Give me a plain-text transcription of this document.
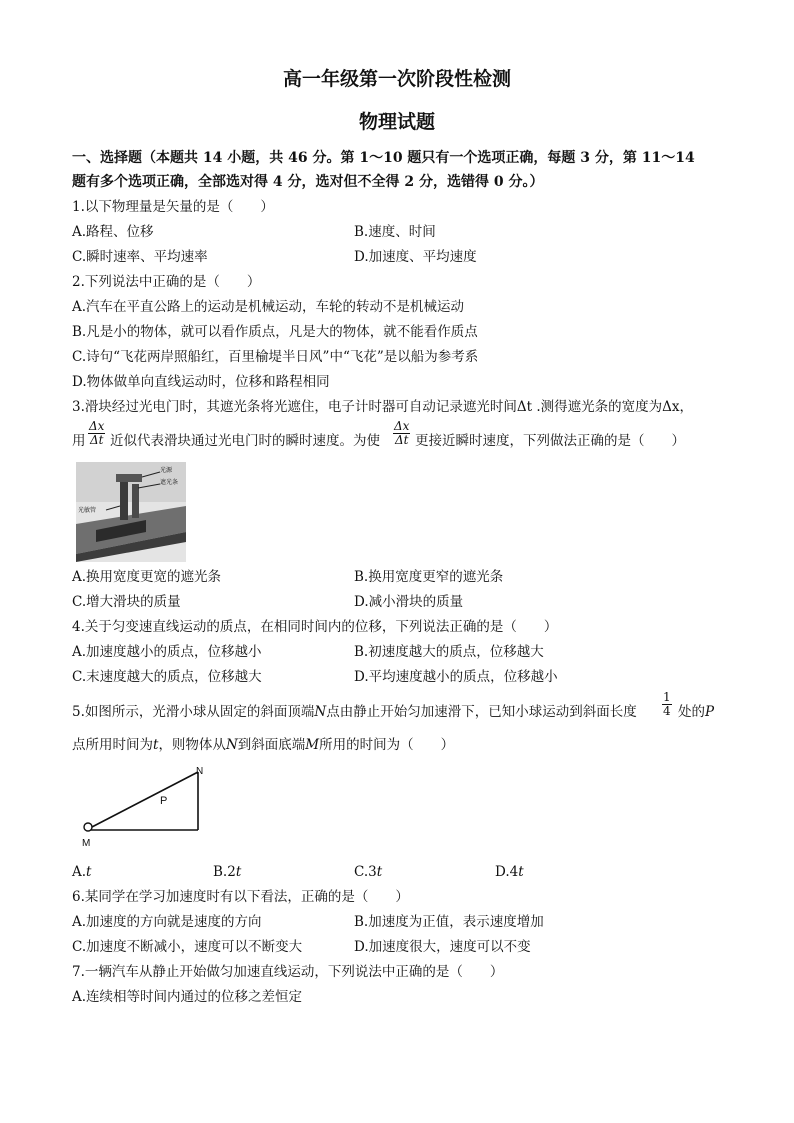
高一年级第一次阶段性检测
物理试题
一、选择题（本题共 14 小题，共 46 分。第 1～10 题只有一个选项正确，每题 3 分，第 11～14
题有多个选项正确，全部选对得 4 分，选对但不全得 2 分，选错得 0 分。）
1.以下物理量是矢量的是（　　）
A.路程、位移	B.速度、时间
C.瞬时速率、平均速率	D.加速度、平均速度
2.下列说法中正确的是（　　）
A.汽车在平直公路上的运动是机械运动，车轮的转动不是机械运动
B.凡是小的物体，就可以看作质点，凡是大的物体，就不能看作质点
C.诗句“飞花两岸照船红，百里榆堤半日风”中“飞花”是以船为参考系
D.物体做单向直线运动时，位移和路程相同
3.滑块经过光电门时，其遮光条将光遮住，电子计时器可自动记录遮光时间Δt .测得遮光条的宽度为Δx，
用 $\frac{\Delta x}{\Delta t}$ 近似代表滑块通过光电门时的瞬时速度。为使 $\frac{\Delta x}{\Delta t}$ 更接近瞬时速度，下列做法正确的是（　　）
光源
遮光条
光敏管
A.换用宽度更宽的遮光条	B.换用宽度更窄的遮光条
C.增大滑块的质量	D.减小滑块的质量
4.关于匀变速直线运动的质点，在相同时间内的位移，下列说法正确的是（　　）
A.加速度越小的质点，位移越小	B.初速度越大的质点，位移越大
C.末速度越大的质点，位移越大	D.平均速度越小的质点，位移越小
5.如图所示，光滑小球从固定的斜面顶端N点由静止开始匀加速滑下，已知小球运动到斜面长度 $\frac{1}{4}$ 处的P
点所用时间为t，则物体从N到斜面底端M所用的时间为（　　）
N
P
M
A.t	B.2t	C.3t	D.4t
6.某同学在学习加速度时有以下看法，正确的是（　　）
A.加速度的方向就是速度的方向	B.加速度为正值，表示速度增加
C.加速度不断减小，速度可以不断变大	D.加速度很大，速度可以不变
7.一辆汽车从静止开始做匀加速直线运动，下列说法中正确的是（　　）
A.连续相等时间内通过的位移之差恒定
